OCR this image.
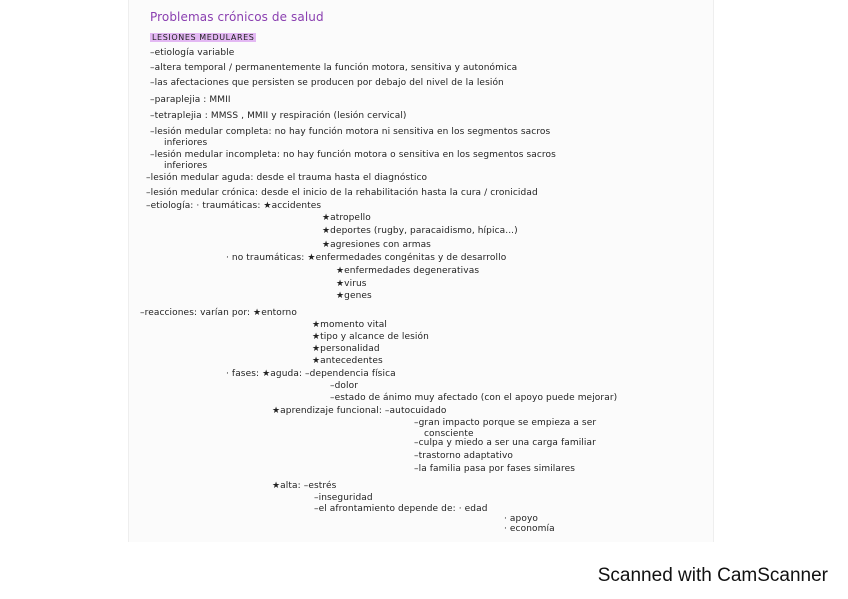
Problemas crónicos de salud
LESIONES MEDULARES
–etiología variable
–altera temporal / permanentemente la función motora, sensitiva y autonómica
–las afectaciones que persisten se producen por debajo del nivel de la lesión
–paraplejia : MMII
–tetraplejia : MMSS , MMII y respiración (lesión cervical)
–lesión medular completa: no hay función motora ni sensitiva en los segmentos sacros
inferiores
–lesión medular incompleta: no hay función motora o sensitiva en los segmentos sacros
inferiores
–lesión medular aguda: desde el trauma hasta el diagnóstico
–lesión medular crónica: desde el inicio de la rehabilitación hasta la cura / cronicidad
–etiología: · traumáticas: ★accidentes
★atropello
★deportes (rugby, paracaidismo, hípica...)
★agresiones con armas
· no traumáticas: ★enfermedades congénitas y de desarrollo
★enfermedades degenerativas
★virus
★genes
–reacciones: varían por: ★entorno
★momento vital
★tipo y alcance de lesión
★personalidad
★antecedentes
· fases: ★aguda: –dependencia física
–dolor
–estado de ánimo muy afectado (con el apoyo puede mejorar)
★aprendizaje funcional: –autocuidado
–gran impacto porque se empieza a ser
consciente
–culpa y miedo a ser una carga familiar
–trastorno adaptativo
–la familia pasa por fases similares
★alta: –estrés
–inseguridad
–el afrontamiento depende de: · edad
· apoyo
· economía
Scanned with CamScanner
